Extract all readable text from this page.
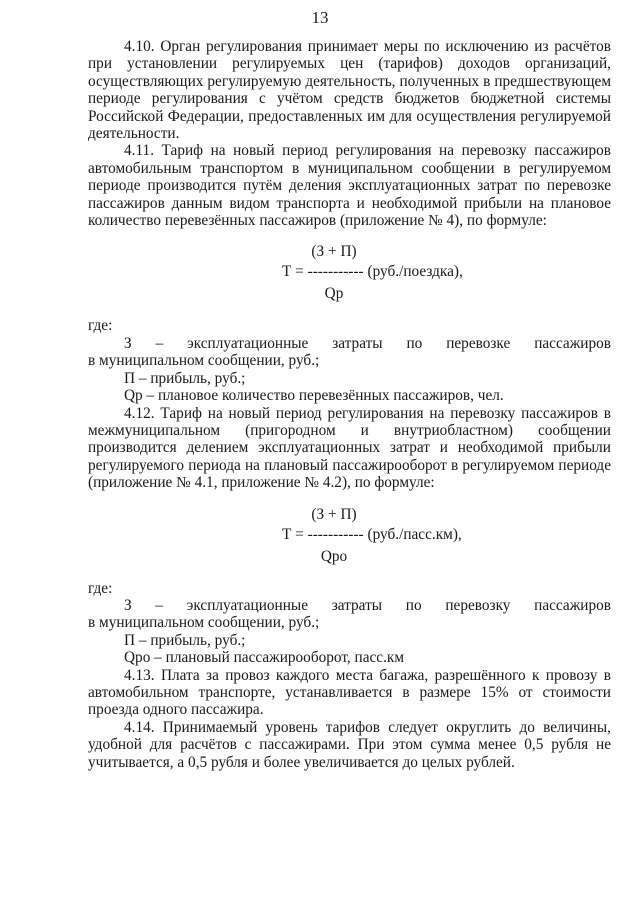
13

4.10. Орган регулирования принимает меры по исключению из расчётов при установлении регулируемых цен (тарифов) доходов организаций, осуществляющих регулируемую деятельность, полученных в предшествующем периоде регулирования с учётом средств бюджетов бюджетной системы Российской Федерации, предоставленных им для осуществления регулируемой деятельности.

4.11. Тариф на новый период регулирования на перевозку пассажиров автомобильным транспортом в муниципальном сообщении в регулируемом периоде производится путём деления эксплуатационных затрат по перевозке пассажиров данным видом транспорта и необходимой прибыли на плановое количество перевезённых пассажиров (приложение № 4), по формуле:

(З + П)
Т = ----------- (руб./поездка),
Qp

где:

З – эксплуатационные затраты по перевозке пассажиров

в муниципальном сообщении, руб.;

П – прибыль, руб.;

Qр – плановое количество перевезённых пассажиров, чел.

4.12. Тариф на новый период регулирования на перевозку пассажиров в межмуниципальном (пригородном и внутриобластном) сообщении производится делением эксплуатационных затрат и необходимой прибыли регулируемого периода на плановый пассажирооборот в регулируемом периоде (приложение № 4.1, приложение № 4.2), по формуле:

(З + П)
Т = ----------- (руб./пасс.км),
Qpo

где:

З – эксплуатационные затраты по перевозку пассажиров

в муниципальном сообщении, руб.;

П – прибыль, руб.;

Qро – плановый пассажирооборот, пасс.км

4.13. Плата за провоз каждого места багажа, разрешённого к провозу в автомобильном транспорте, устанавливается в размере 15% от стоимости проезда одного пассажира.

4.14. Принимаемый уровень тарифов следует округлить до величины, удобной для расчётов с пассажирами. При этом сумма менее 0,5 рубля не учитывается, а 0,5 рубля и более увеличивается до целых рублей.
